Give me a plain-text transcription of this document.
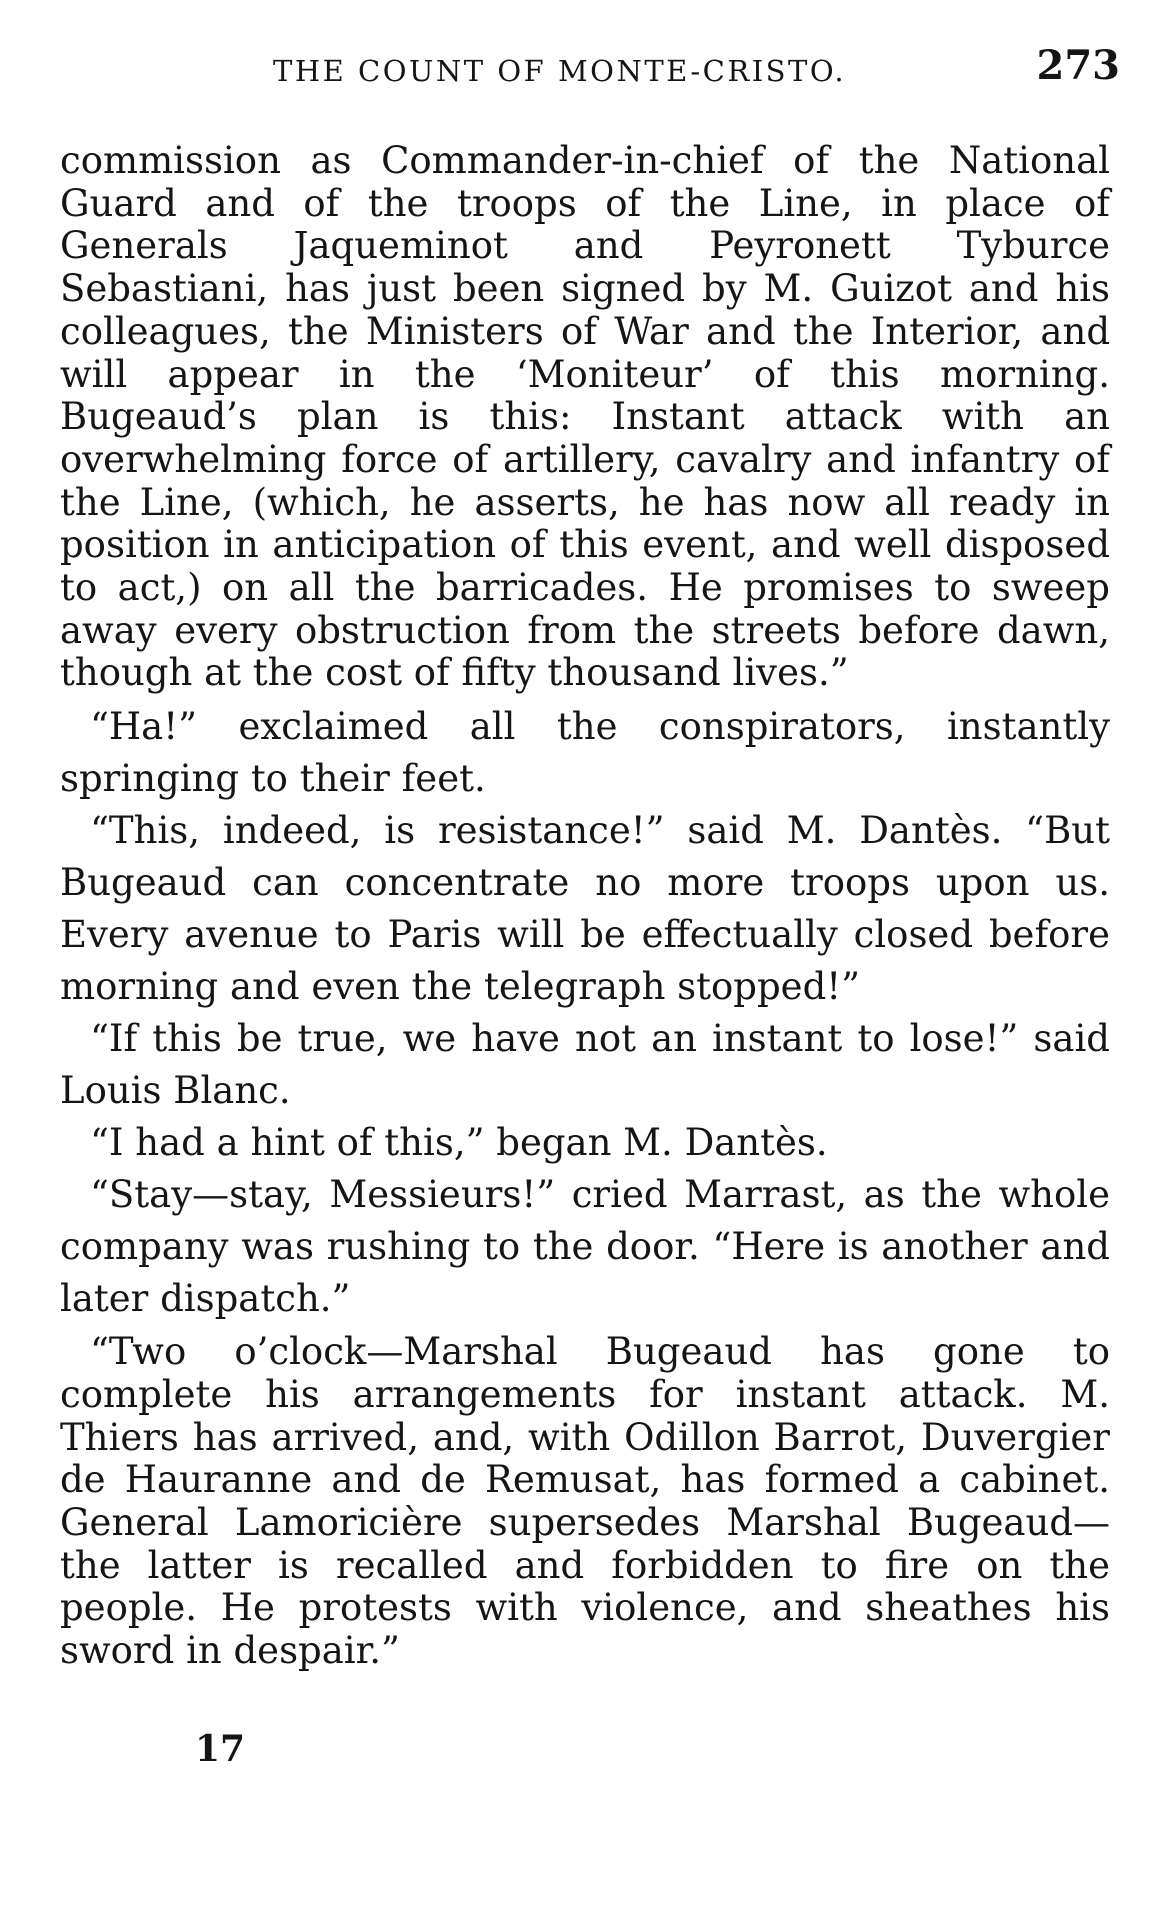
THE COUNT OF MONTE-CRISTO.	273

commission as Commander-in-chief of the National Guard and of the troops of the Line, in place of Generals Jaqueminot and Peyronett Tyburce Sebastiani, has just been signed by M. Guizot and his colleagues, the Ministers of War and the Interior, and will appear in the ‘Moniteur’ of this morning. Bugeaud’s plan is this: Instant attack with an overwhelming force of artillery, cavalry and infantry of the Line, (which, he asserts, he has now all ready in position in anticipation of this event, and well disposed to act,) on all the barricades. He promises to sweep away every obstruction from the streets before dawn, though at the cost of fifty thousand lives.”

“Ha!” exclaimed all the conspirators, instantly springing to their feet.

“This, indeed, is resistance!” said M. Dantès. “But Bugeaud can concentrate no more troops upon us. Every avenue to Paris will be effectually closed before morning and even the telegraph stopped!”

“If this be true, we have not an instant to lose!” said Louis Blanc.

“I had a hint of this,” began M. Dantès.

“Stay—stay, Messieurs!” cried Marrast, as the whole company was rushing to the door. “Here is another and later dispatch.”

“Two o’clock—Marshal Bugeaud has gone to complete his arrangements for instant attack. M. Thiers has arrived, and, with Odillon Barrot, Duvergier de Hauranne and de Remusat, has formed a cabinet. General Lamoricière supersedes Marshal Bugeaud—the latter is recalled and forbidden to fire on the people. He protests with violence, and sheathes his sword in despair.”

17
